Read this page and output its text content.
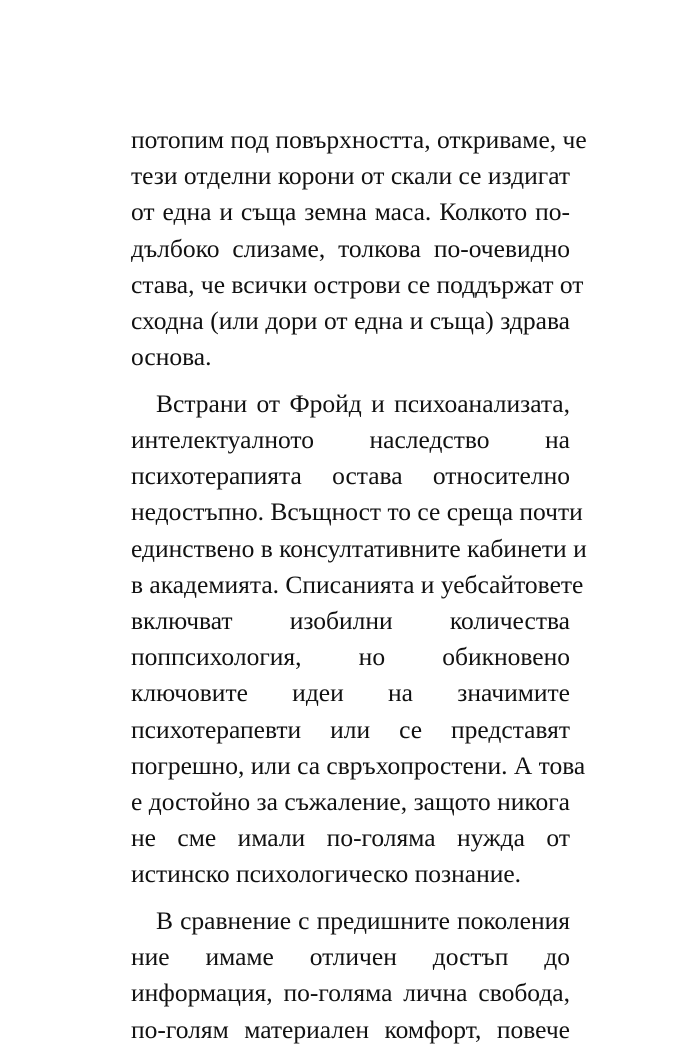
потопим под повърхността, откриваме, че
тези отделни корони от скали се издигат
от една и съща земна маса. Колкото по-
дълбоко слизаме, толкова по-очевидно
става, че всички острови се поддържат от
сходна (или дори от една и съща) здрава
основа.
Встрани от Фройд и психоанализата,
интелектуалното наследство на
психотерапията остава относително
недостъпно. Всъщност то се среща почти
единствено в консултативните кабинети и
в академията. Списанията и уебсайтовете
включват изобилни количества
поппсихология, но обикновено
ключовите идеи на значимите
психотерапевти или се представят
погрешно, или са свръхопростени. А това
е достойно за съжаление, защото никога
не сме имали по-голяма нужда от
истинско психологическо познание.
В сравнение с предишните поколения
ние имаме отличен достъп до
информация, по-голяма лична свобода,
по-голям материален комфорт, повече
